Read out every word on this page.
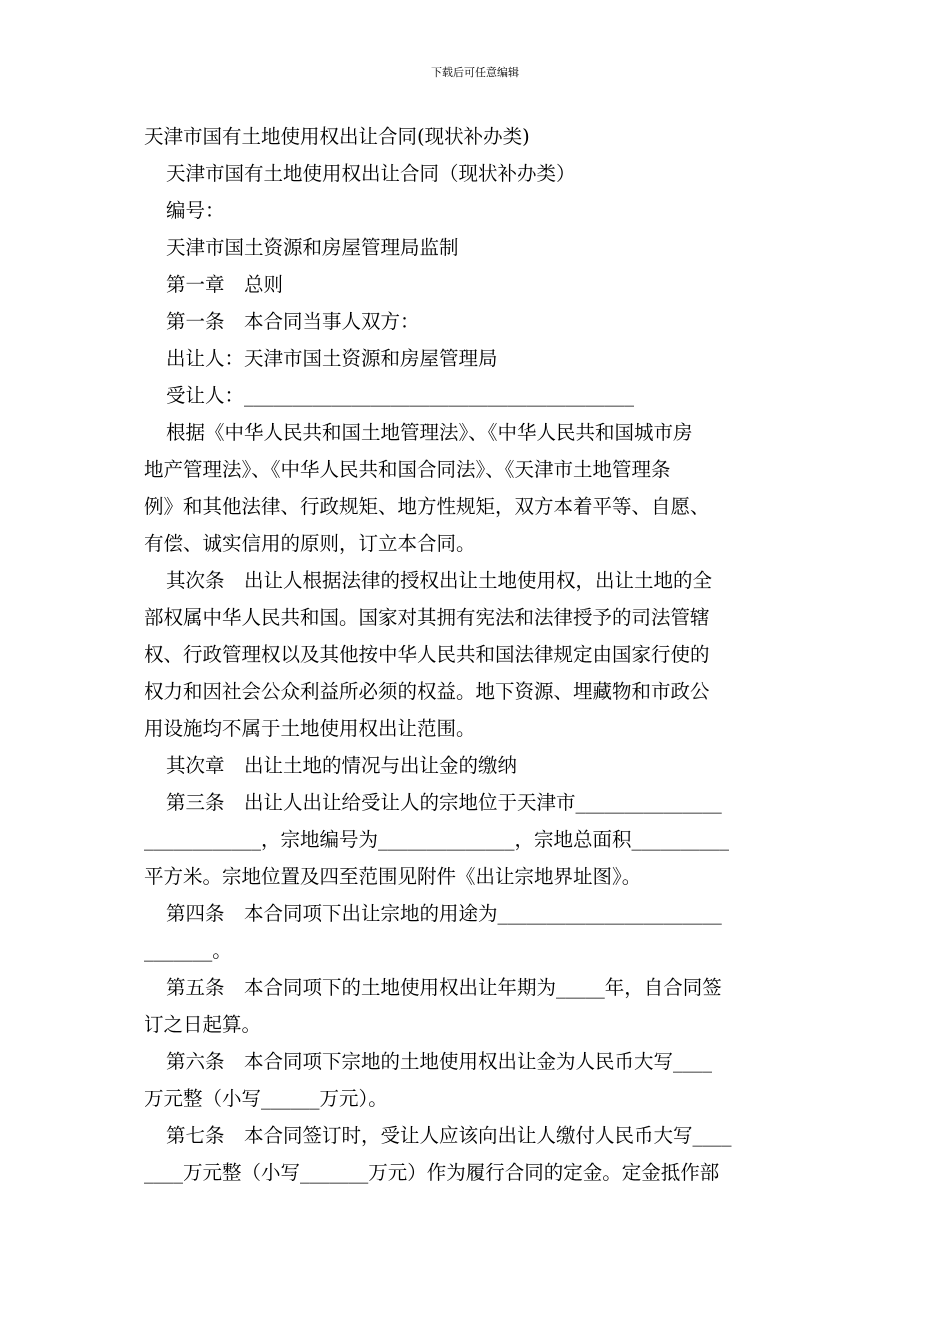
下载后可任意编辑
天津市国有土地使用权出让合同(现状补办类)
天津市国有土地使用权出让合同（现状补办类）
编号：
天津市国土资源和房屋管理局监制
第一章　总则
第一条　本合同当事人双方：
出让人：天津市国土资源和房屋管理局
受让人：________________________________________
根据《中华人民共和国土地管理法》、《中华人民共和国城市房
地产管理法》、《中华人民共和国合同法》、《天津市土地管理条
例》和其他法律、行政规矩、地方性规矩，双方本着平等、自愿、
有偿、诚实信用的原则，订立本合同。
其次条　出让人根据法律的授权出让土地使用权，出让土地的全
部权属中华人民共和国。国家对其拥有宪法和法律授予的司法管辖
权、行政管理权以及其他按中华人民共和国法律规定由国家行使的
权力和因社会公众利益所必须的权益。地下资源、埋藏物和市政公
用设施均不属于土地使用权出让范围。
其次章　出让土地的情况与出让金的缴纳
第三条　出让人出让给受让人的宗地位于天津市_______________
____________，宗地编号为______________，宗地总面积__________
平方米。宗地位置及四至范围见附件《出让宗地界址图》。
第四条　本合同项下出让宗地的用途为_______________________
_______。
第五条　本合同项下的土地使用权出让年期为_____年，自合同签
订之日起算。
第六条　本合同项下宗地的土地使用权出让金为人民币大写____
万元整（小写______万元）。
第七条　本合同签订时，受让人应该向出让人缴付人民币大写____
____万元整（小写_______万元）作为履行合同的定金。定金抵作部
